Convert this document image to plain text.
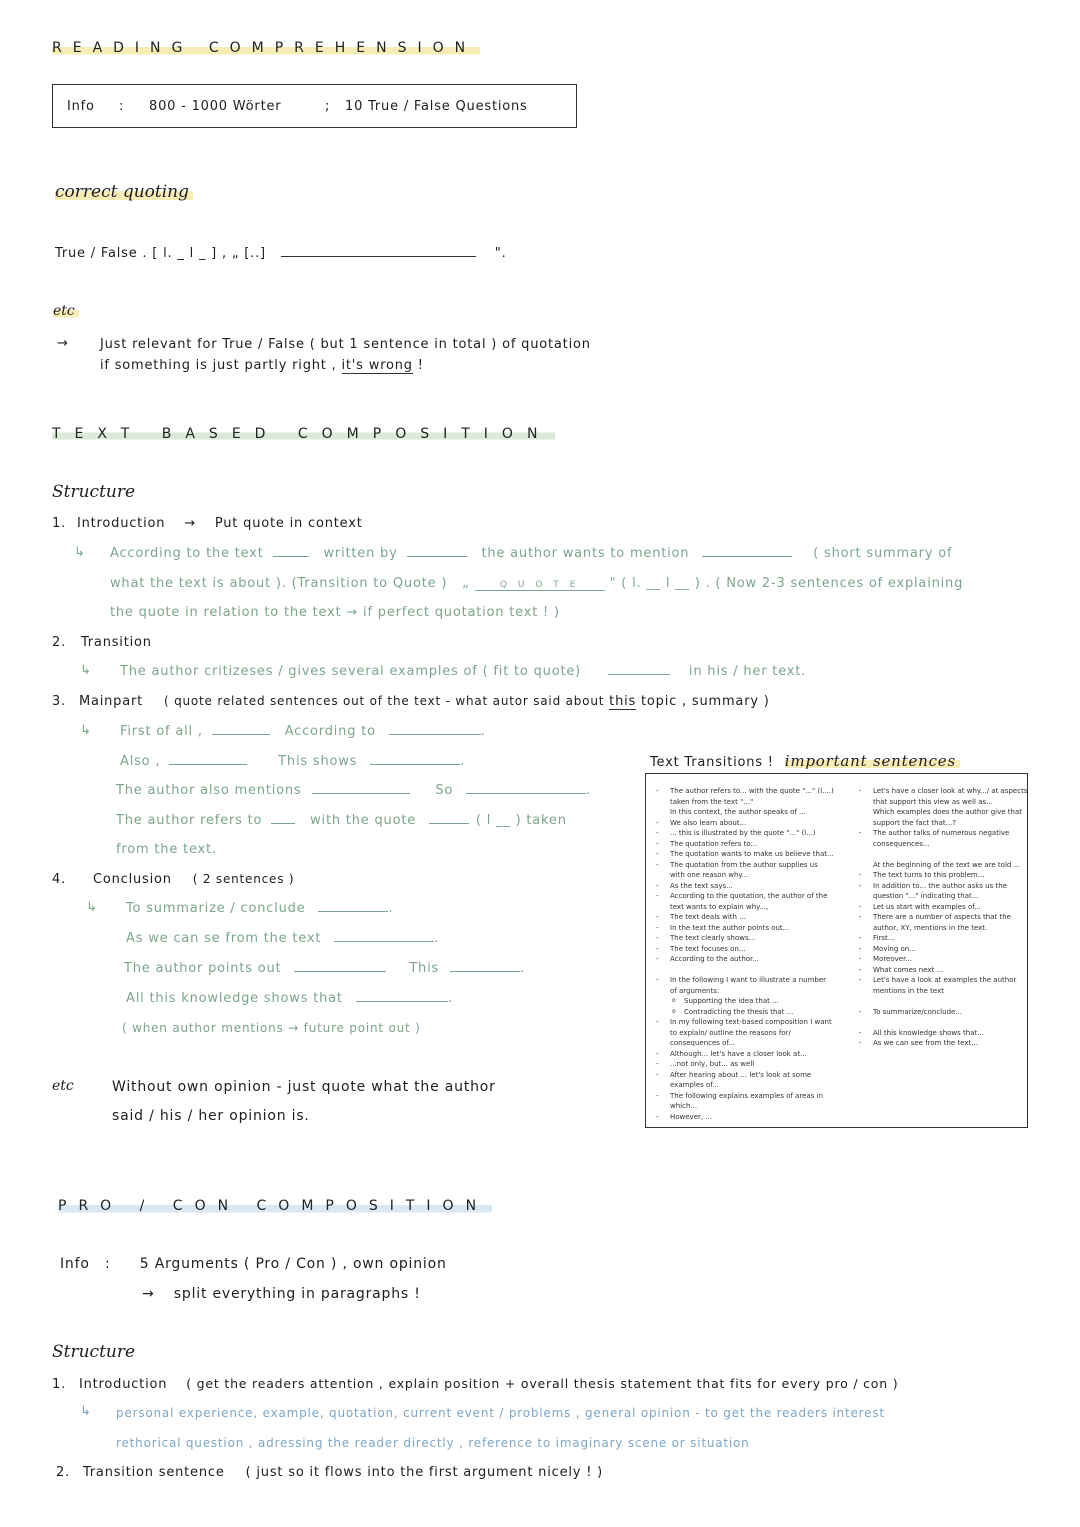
READING COMPREHENSION
Info : 800 - 1000 Wörter	; 10 True / False Questions
correct quoting
True / False . [ l. _ l _ ] , „ [..]	".
etc
→ Just relevant for True / False ( but 1 sentence in total ) of quotation
if something is just partly right , it's wrong !
TEXT BASED COMPOSITION
Structure
1. Introduction → Put quote in context
↳ According to the text	written by	the author wants to mention	( short summary of
what the text is about ). (Transition to Quote ) „	Q U O T E " ( l. __ l __ ) . ( Now 2-3 sentences of explaining
the quote in relation to the text → if perfect quotation text ! )
2. Transition
↳ The author critizeses / gives several examples of ( fit to quote)	in his / her text.
3. Mainpart ( quote related sentences out of the text - what autor said about this topic , summary )
↳ First of all ,	According to	.
Also ,	This shows	.
The author also mentions	So	.
The author refers to	with the quote	( l __ ) taken
from the text.
4. Conclusion ( 2 sentences )
↳ To summarize / conclude	.
As we can se from the text	.
The author points out	This	.
All this knowledge shows that	.
( when author mentions → future point out )
etc	Without own opinion - just quote what the author
said / his / her opinion is.
Text Transitions ! important sentences
- The author refers to... with the quote "..." (l....)
taken from the text "..."
In this context, the author speaks of ...
- We also learn about...
- ... this is illustrated by the quote "..." (l...)
- The quotation refers to...
- The quotation wants to make us believe that...
- The quotation from the author supplies us
with one reason why...
- As the text says...
- According to the quotation, the author of the
text wants to explain why...,
- The text deals with ...
- In the text the author points out...
- The text clearly shows...
- The text focuses on...
- According to the author...
- In the following I want to illustrate a number
of arguments:
o Supporting the idea that ...
o Contradicting the thesis that ...
- In my following text-based composition I want
to explain/ outline the reasons for/
consequences of...
- Although... let's have a closer look at...
- ...not only, but... as well
- After hearing about ... let's look at some
examples of...
- The following explains examples of areas in
which...
- However, ...
- Let's have a closer look at why.../ at aspects
that support this view as well as...
Which examples does the author give that
support the fact that...?
- The author talks of numerous negative
consequences...
At the beginning of the text we are told ...
- The text turns to this problem...
- In addition to... the author asks us the
question "..." indicating that...
- Let us start with examples of...
- There are a number of aspects that the
author, XY, mentions in the text.
- First...
- Moving on...
- Moreover...
- What comes next ...
- Let's have a look at examples the author
mentions in the text
- To summarize/conclude...
- All this knowledge shows that...
- As we can see from the text...
PRO / CON COMPOSITION
Info : 5 Arguments ( Pro / Con ) , own opinion
→ split everything in paragraphs !
Structure
1. Introduction ( get the readers attention , explain position + overall thesis statement that fits for every pro / con )
↳ personal experience, example, quotation, current event / problems , general opinion - to get the readers interest
rethorical question , adressing the reader directly , reference to imaginary scene or situation
2. Transition sentence ( just so it flows into the first argument nicely ! )
